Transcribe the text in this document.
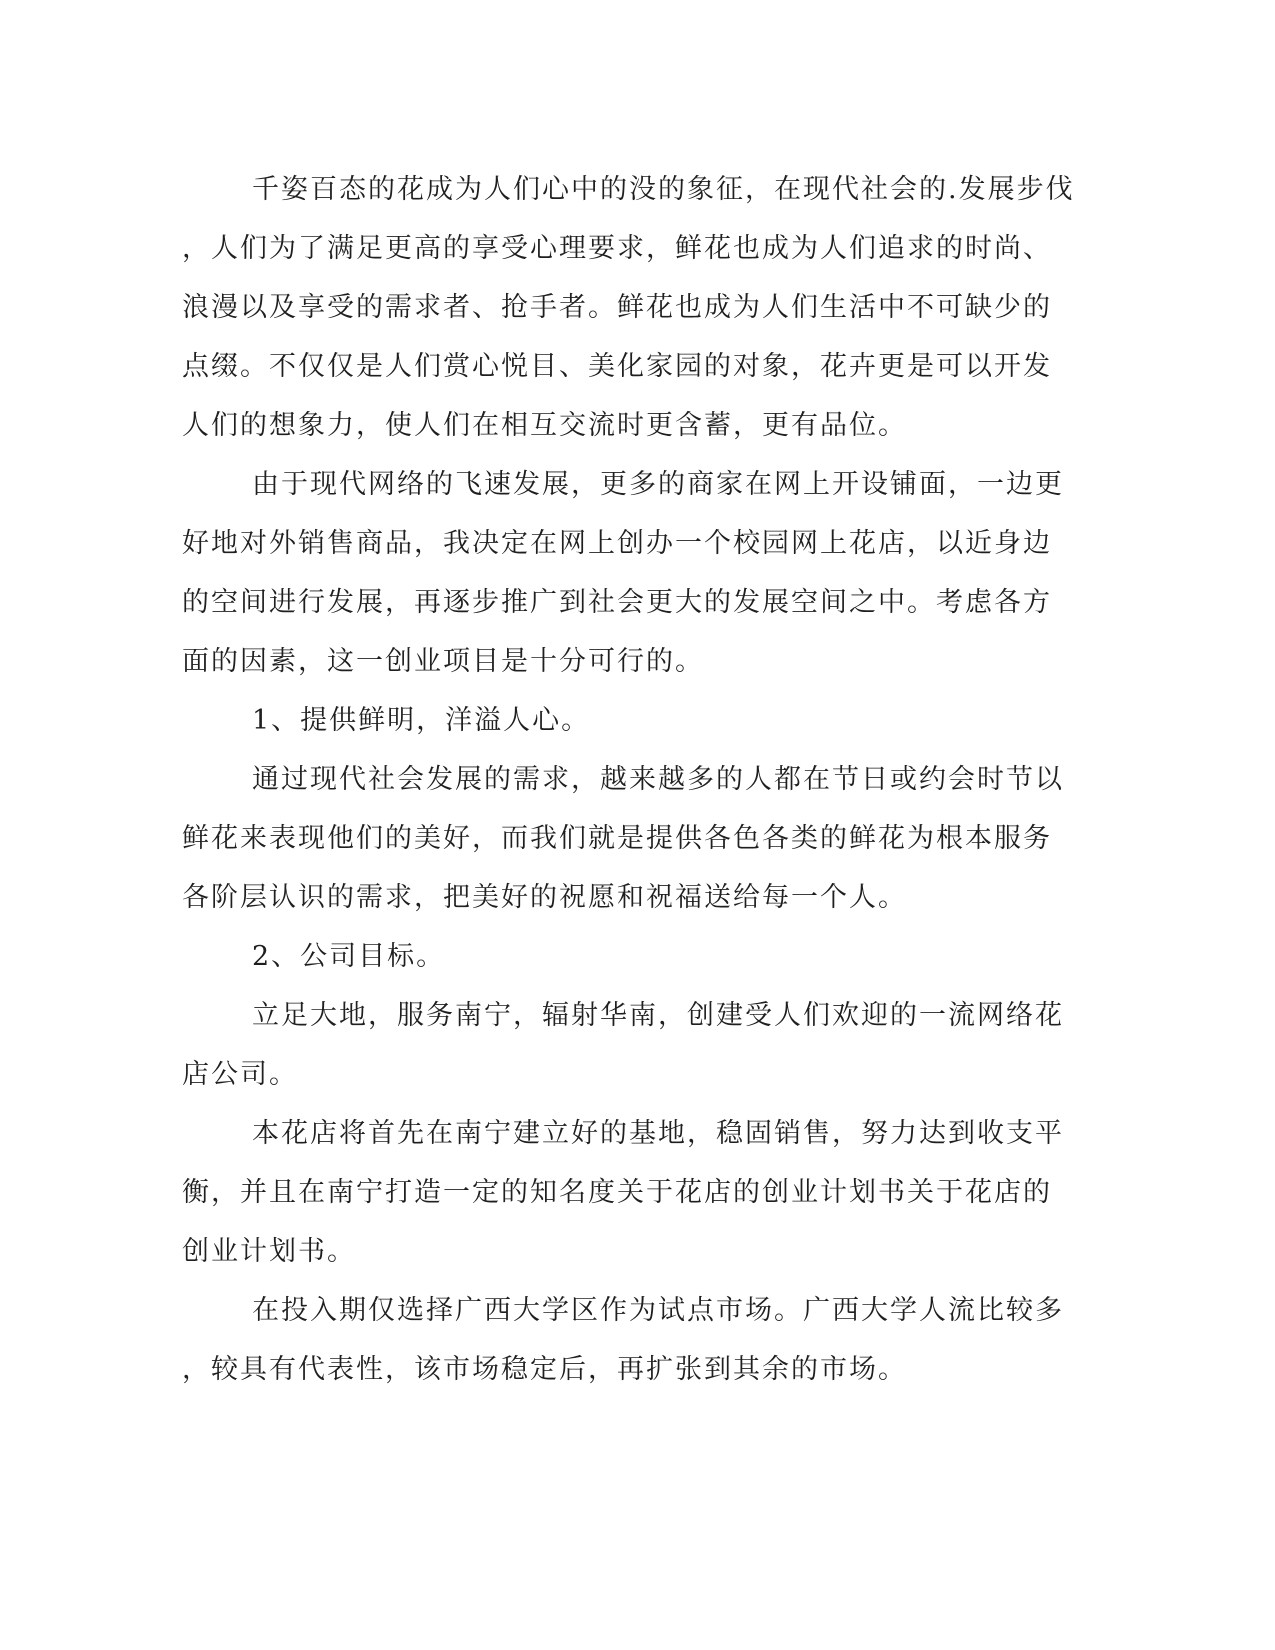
千姿百态的花成为人们心中的没的象征，在现代社会的.发展步伐
，人们为了满足更高的享受心理要求，鲜花也成为人们追求的时尚、
浪漫以及享受的需求者、抢手者。鲜花也成为人们生活中不可缺少的
点缀。不仅仅是人们赏心悦目、美化家园的对象，花卉更是可以开发
人们的想象力，使人们在相互交流时更含蓄，更有品位。
由于现代网络的飞速发展，更多的商家在网上开设铺面，一边更
好地对外销售商品，我决定在网上创办一个校园网上花店，以近身边
的空间进行发展，再逐步推广到社会更大的发展空间之中。考虑各方
面的因素，这一创业项目是十分可行的。
1、提供鲜明，洋溢人心。
通过现代社会发展的需求，越来越多的人都在节日或约会时节以
鲜花来表现他们的美好，而我们就是提供各色各类的鲜花为根本服务
各阶层认识的需求，把美好的祝愿和祝福送给每一个人。
2、公司目标。
立足大地，服务南宁，辐射华南，创建受人们欢迎的一流网络花
店公司。
本花店将首先在南宁建立好的基地，稳固销售，努力达到收支平
衡，并且在南宁打造一定的知名度关于花店的创业计划书关于花店的
创业计划书。
在投入期仅选择广西大学区作为试点市场。广西大学人流比较多
，较具有代表性，该市场稳定后，再扩张到其余的市场。
